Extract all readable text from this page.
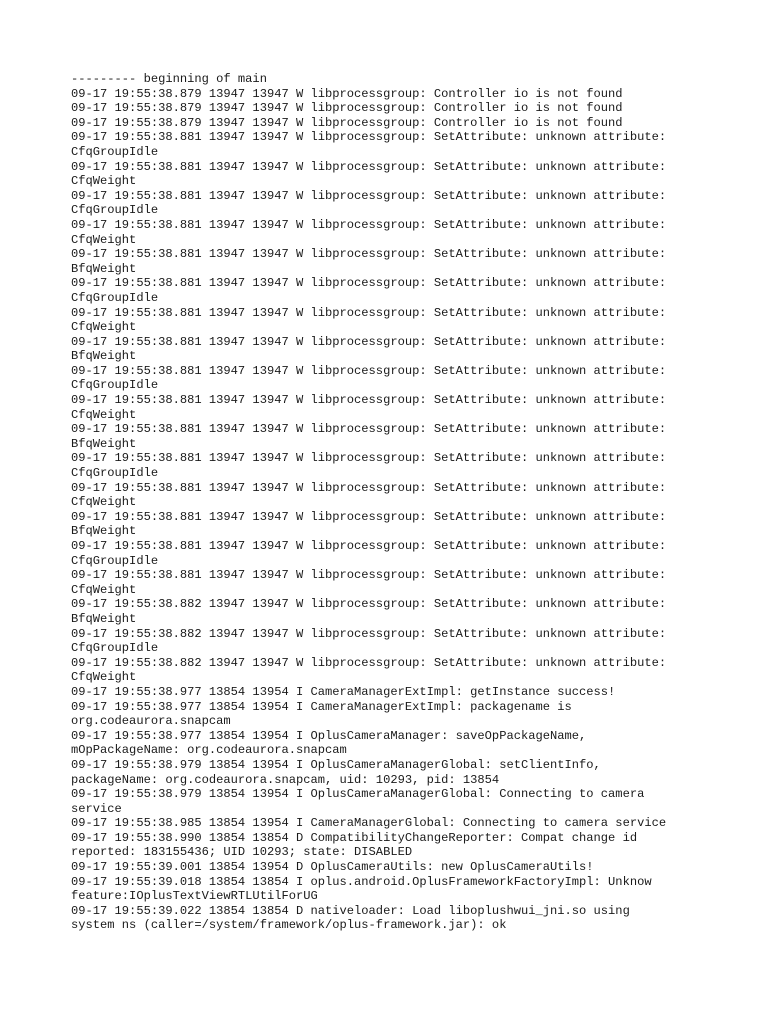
--------- beginning of main
09-17 19:55:38.879 13947 13947 W libprocessgroup: Controller io is not found
09-17 19:55:38.879 13947 13947 W libprocessgroup: Controller io is not found
09-17 19:55:38.879 13947 13947 W libprocessgroup: Controller io is not found
09-17 19:55:38.881 13947 13947 W libprocessgroup: SetAttribute: unknown attribute:
CfqGroupIdle
09-17 19:55:38.881 13947 13947 W libprocessgroup: SetAttribute: unknown attribute:
CfqWeight
09-17 19:55:38.881 13947 13947 W libprocessgroup: SetAttribute: unknown attribute:
CfqGroupIdle
09-17 19:55:38.881 13947 13947 W libprocessgroup: SetAttribute: unknown attribute:
CfqWeight
09-17 19:55:38.881 13947 13947 W libprocessgroup: SetAttribute: unknown attribute:
BfqWeight
09-17 19:55:38.881 13947 13947 W libprocessgroup: SetAttribute: unknown attribute:
CfqGroupIdle
09-17 19:55:38.881 13947 13947 W libprocessgroup: SetAttribute: unknown attribute:
CfqWeight
09-17 19:55:38.881 13947 13947 W libprocessgroup: SetAttribute: unknown attribute:
BfqWeight
09-17 19:55:38.881 13947 13947 W libprocessgroup: SetAttribute: unknown attribute:
CfqGroupIdle
09-17 19:55:38.881 13947 13947 W libprocessgroup: SetAttribute: unknown attribute:
CfqWeight
09-17 19:55:38.881 13947 13947 W libprocessgroup: SetAttribute: unknown attribute:
BfqWeight
09-17 19:55:38.881 13947 13947 W libprocessgroup: SetAttribute: unknown attribute:
CfqGroupIdle
09-17 19:55:38.881 13947 13947 W libprocessgroup: SetAttribute: unknown attribute:
CfqWeight
09-17 19:55:38.881 13947 13947 W libprocessgroup: SetAttribute: unknown attribute:
BfqWeight
09-17 19:55:38.881 13947 13947 W libprocessgroup: SetAttribute: unknown attribute:
CfqGroupIdle
09-17 19:55:38.881 13947 13947 W libprocessgroup: SetAttribute: unknown attribute:
CfqWeight
09-17 19:55:38.882 13947 13947 W libprocessgroup: SetAttribute: unknown attribute:
BfqWeight
09-17 19:55:38.882 13947 13947 W libprocessgroup: SetAttribute: unknown attribute:
CfqGroupIdle
09-17 19:55:38.882 13947 13947 W libprocessgroup: SetAttribute: unknown attribute:
CfqWeight
09-17 19:55:38.977 13854 13954 I CameraManagerExtImpl: getInstance success!
09-17 19:55:38.977 13854 13954 I CameraManagerExtImpl: packagename is
org.codeaurora.snapcam
09-17 19:55:38.977 13854 13954 I OplusCameraManager: saveOpPackageName,
mOpPackageName: org.codeaurora.snapcam
09-17 19:55:38.979 13854 13954 I OplusCameraManagerGlobal: setClientInfo,
packageName: org.codeaurora.snapcam, uid: 10293, pid: 13854
09-17 19:55:38.979 13854 13954 I OplusCameraManagerGlobal: Connecting to camera
service
09-17 19:55:38.985 13854 13954 I CameraManagerGlobal: Connecting to camera service
09-17 19:55:38.990 13854 13854 D CompatibilityChangeReporter: Compat change id
reported: 183155436; UID 10293; state: DISABLED
09-17 19:55:39.001 13854 13954 D OplusCameraUtils: new OplusCameraUtils!
09-17 19:55:39.018 13854 13854 I oplus.android.OplusFrameworkFactoryImpl: Unknow
feature:IOplusTextViewRTLUtilForUG
09-17 19:55:39.022 13854 13854 D nativeloader: Load liboplushwui_jni.so using
system ns (caller=/system/framework/oplus-framework.jar): ok
